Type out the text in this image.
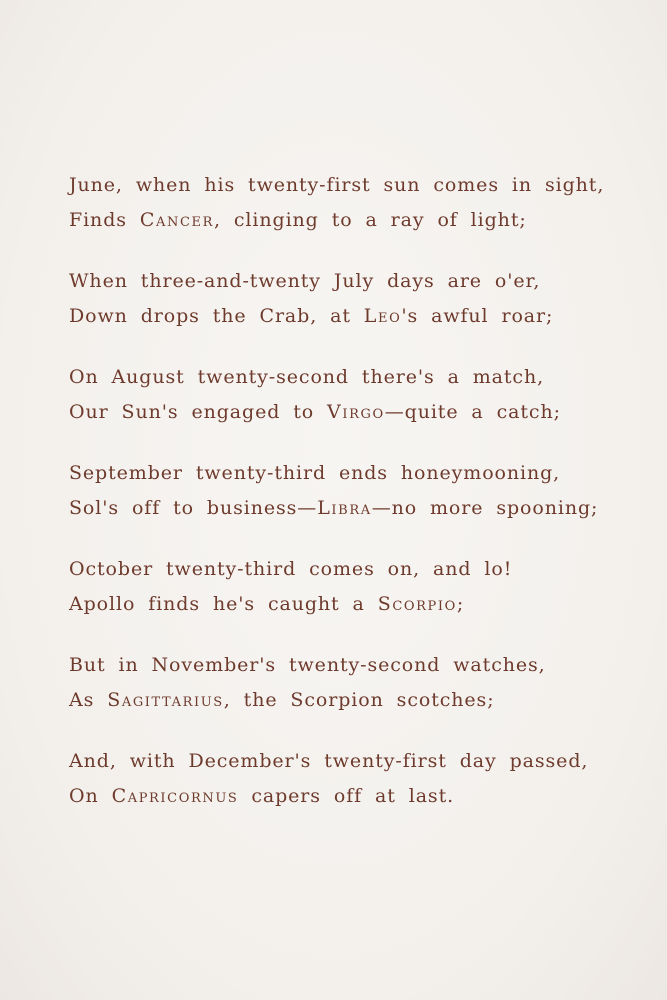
June, when his twenty-first sun comes in sight,
Finds Cancer, clinging to a ray of light;
When three-and-twenty July days are o'er,
Down drops the Crab, at Leo's awful roar;
On August twenty-second there's a match,
Our Sun's engaged to Virgo—quite a catch;
September twenty-third ends honeymooning,
Sol's off to business—Libra—no more spooning;
October twenty-third comes on, and lo!
Apollo finds he's caught a Scorpio;
But in November's twenty-second watches,
As Sagittarius, the Scorpion scotches;
And, with December's twenty-first day passed,
On Capricornus capers off at last.
